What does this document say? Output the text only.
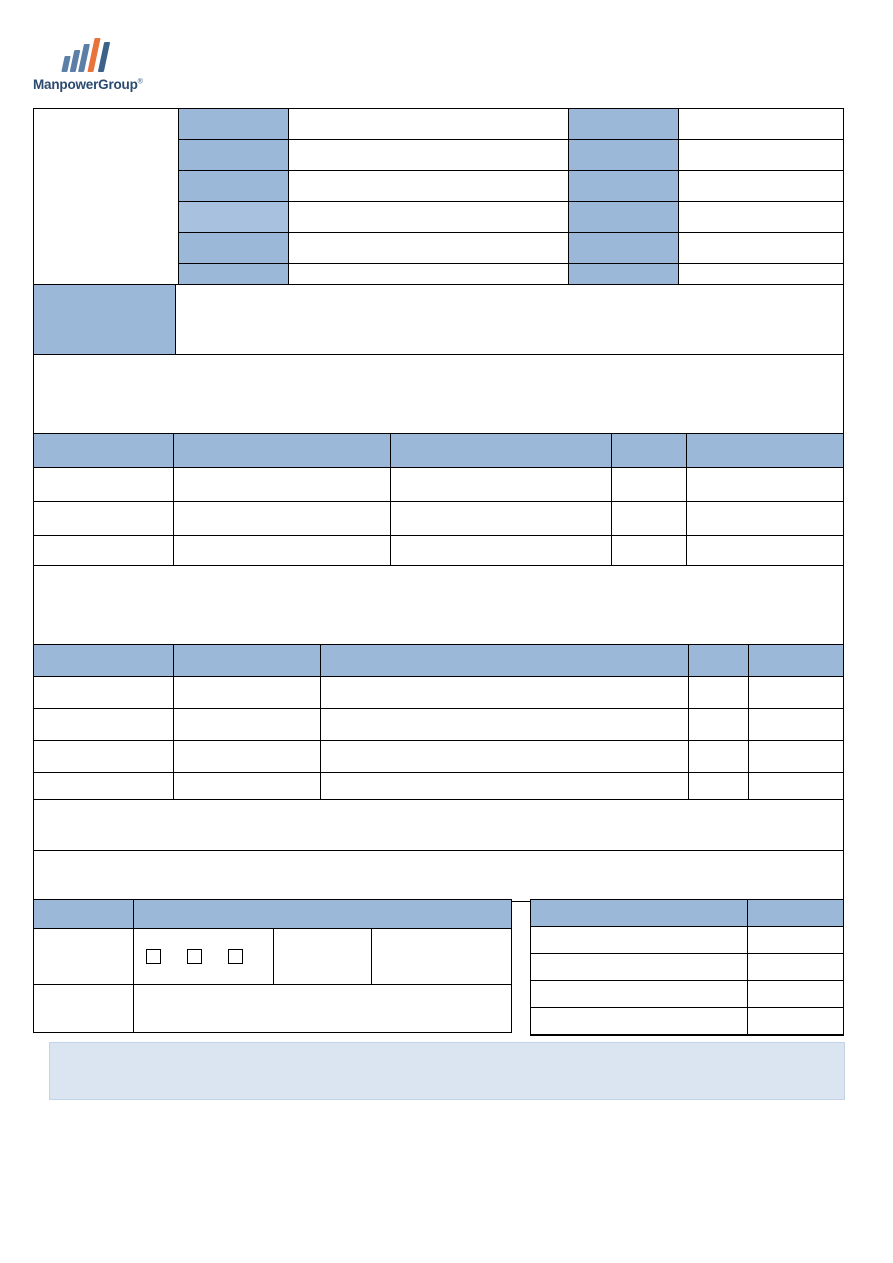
ManpowerGroup®
